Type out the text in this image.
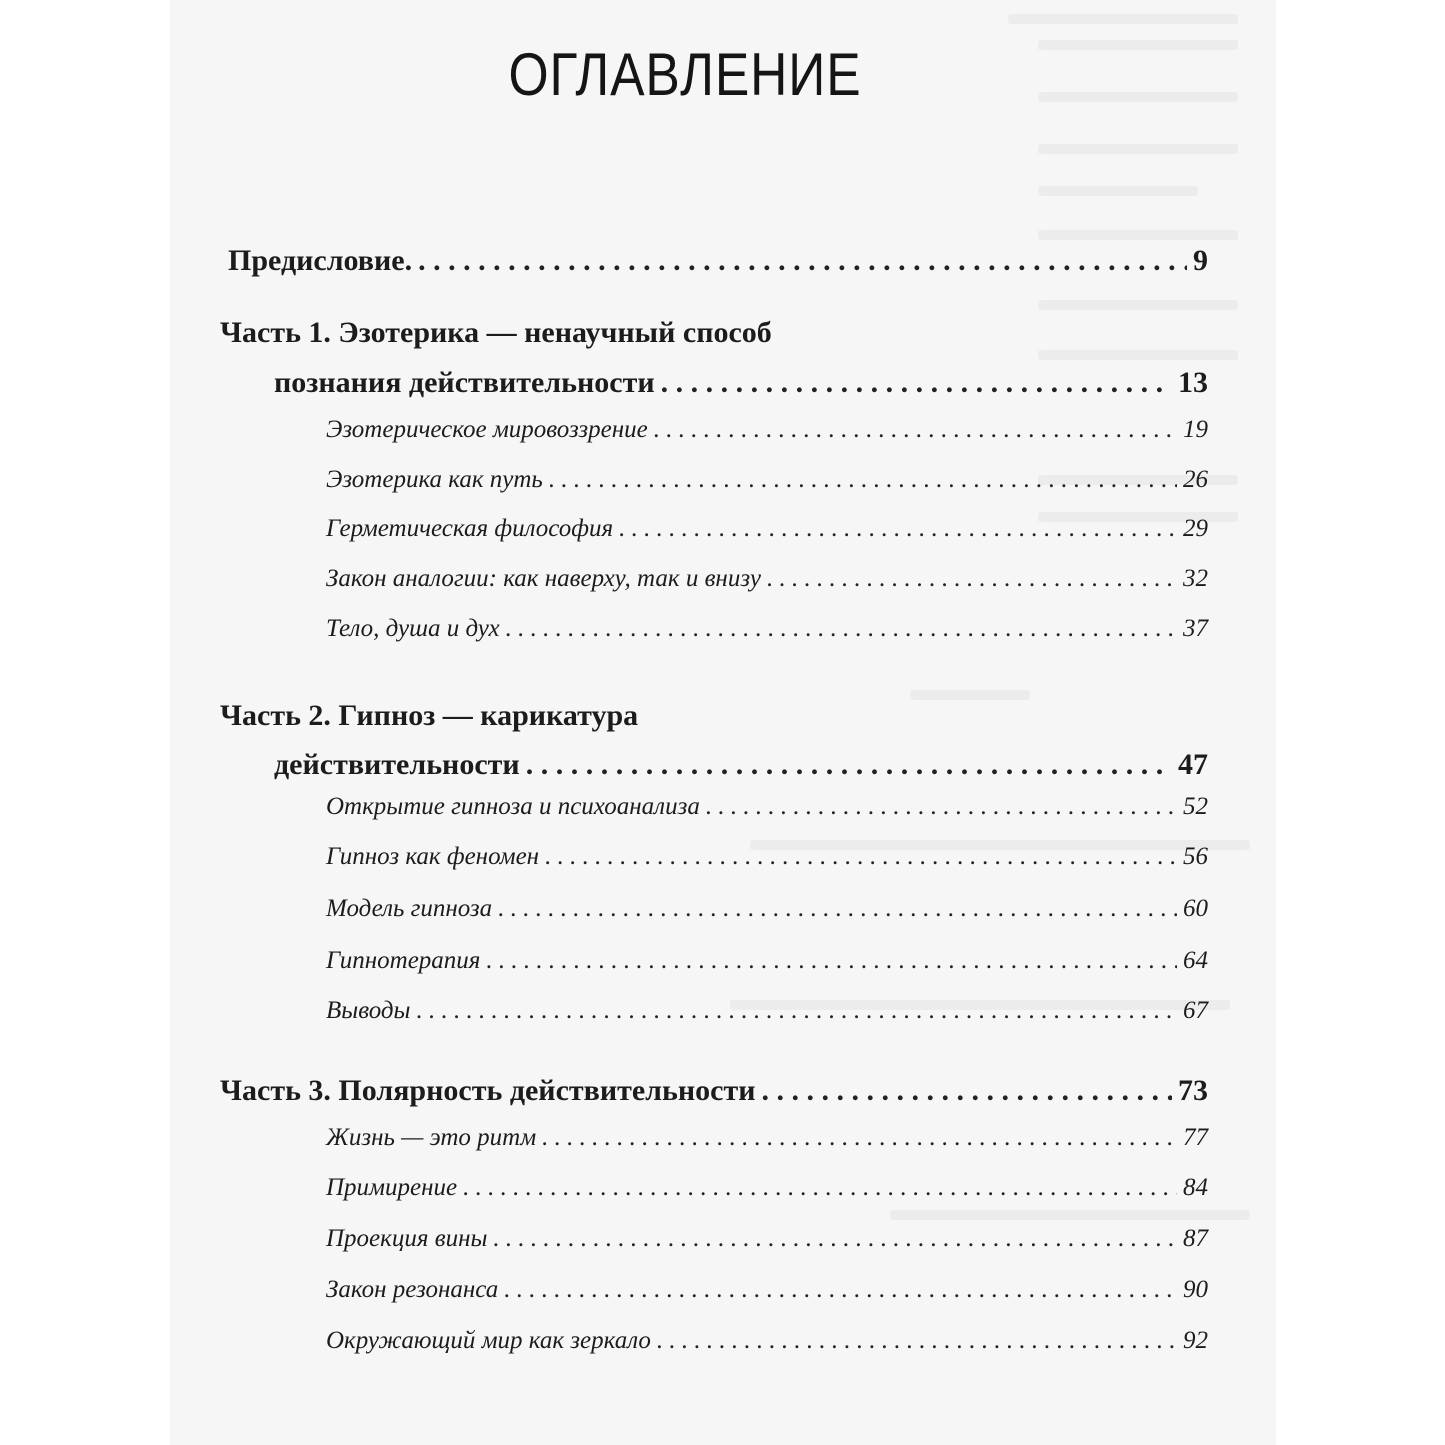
ОГЛАВЛЕНИЕ
Предисловие. . . .	9
Часть 1. Эзотерика — ненаучный способ
познания действительности . . .	13
Эзотерическое мировоззрение . . .	19
Эзотерика как путь . . .	26
Герметическая философия . . .	29
Закон аналогии: как наверху, так и внизу . . .	32
Тело, душа и дух . . .	37
Часть 2. Гипноз — карикатура
действительности . . .	47
Открытие гипноза и психоанализа . . .	52
Гипноз как феномен . . .	56
Модель гипноза . . .	60
Гипнотерапия . . .	64
Выводы . . .	67
Часть 3. Полярность действительности . . .	73
Жизнь — это ритм . . .	77
Примирение . . .	84
Проекция вины . . .	87
Закон резонанса . . .	90
Окружающий мир как зеркало . . .	92
